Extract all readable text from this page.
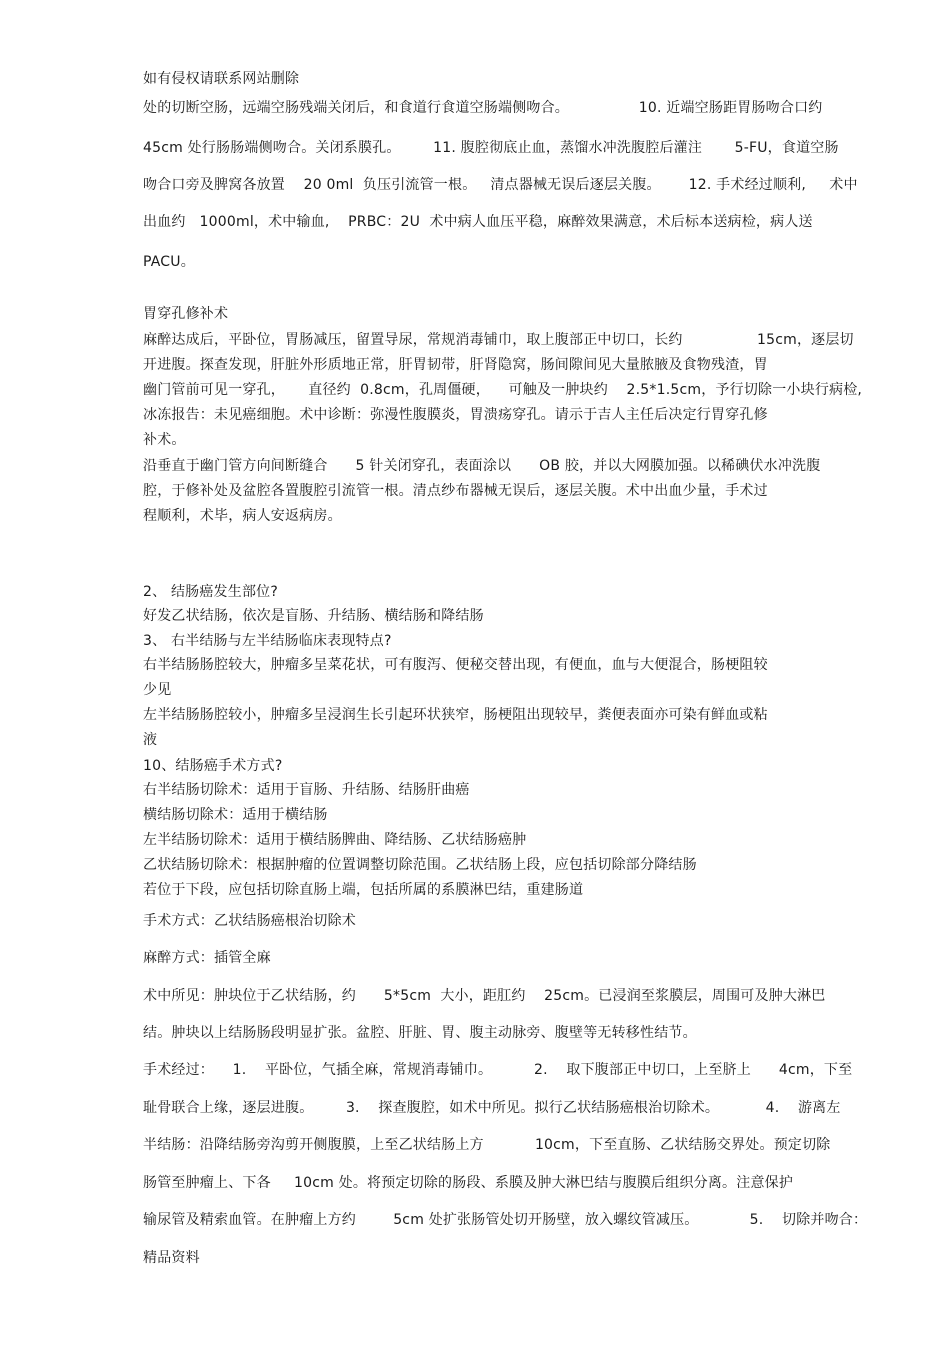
如有侵权请联系网站删除
处的切断空肠，远端空肠残端关闭后，和食道行食道空肠端侧吻合。               10. 近端空肠距胃肠吻合口约
45cm 处行肠肠端侧吻合。关闭系膜孔。       11. 腹腔彻底止血，蒸馏水冲洗腹腔后灌注       5-FU，食道空肠
吻合口旁及脾窝各放置    20 0ml  负压引流管一根。   清点器械无误后逐层关腹。      12. 手术经过顺利,     术中
出血约   1000ml，术中输血,    PRBC：2U  术中病人血压平稳，麻醉效果满意，术后标本送病检，病人送
PACU。
胃穿孔修补术
麻醉达成后，平卧位，胃肠减压，留置导尿，常规消毒铺巾，取上腹部正中切口，长约                15cm，逐层切
开进腹。探查发现，肝脏外形质地正常，肝胃韧带，肝肾隐窝，肠间隙间见大量脓腋及食物残渣，胃
幽门管前可见一穿孔，     直径约  0.8cm，孔周僵硬，    可触及一肿块约    2.5*1.5cm，予行切除一小块行病检,
冰冻报告：未见癌细胞。术中诊断：弥漫性腹膜炎，胃溃疡穿孔。请示于吉人主任后决定行胃穿孔修
补术。
沿垂直于幽门管方向间断缝合      5 针关闭穿孔，表面涂以      OB 胶，并以大网膜加强。以稀碘伏水冲洗腹
腔，于修补处及盆腔各置腹腔引流管一根。清点纱布器械无误后，逐层关腹。术中出血少量，手术过
程顺利，术毕，病人安返病房。
2、 结肠癌发生部位?
好发乙状结肠，依次是盲肠、升结肠、横结肠和降结肠
3、 右半结肠与左半结肠临床表现特点?
右半结肠肠腔较大，肿瘤多呈菜花状，可有腹泻、便秘交替出现，有便血，血与大便混合，肠梗阻较
少见
左半结肠肠腔较小，肿瘤多呈浸润生长引起环状狭窄，肠梗阻出现较早，粪便表面亦可染有鲜血或粘
液
10、结肠癌手术方式?
右半结肠切除术：适用于盲肠、升结肠、结肠肝曲癌
横结肠切除术：适用于横结肠
左半结肠切除术：适用于横结肠脾曲、降结肠、乙状结肠癌肿
乙状结肠切除术：根据肿瘤的位置调整切除范围。乙状结肠上段，应包括切除部分降结肠
若位于下段，应包括切除直肠上端，包括所属的系膜淋巴结，重建肠道
手术方式：乙状结肠癌根治切除术
麻醉方式：插管全麻
术中所见：肿块位于乙状结肠，约      5*5cm  大小，距肛约    25cm。已浸润至浆膜层，周围可及肿大淋巴
结。肿块以上结肠肠段明显扩张。盆腔、肝脏、胃、腹主动脉旁、腹壁等无转移性结节。
手术经过：    1.    平卧位，气插全麻，常规消毒铺巾。         2.    取下腹部正中切口，上至脐上      4cm，下至
耻骨联合上缘，逐层进腹。       3.    探查腹腔，如术中所见。拟行乙状结肠癌根治切除术。          4.    游离左
半结肠：沿降结肠旁沟剪开侧腹膜，上至乙状结肠上方           10cm，下至直肠、乙状结肠交界处。预定切除
肠管至肿瘤上、下各     10cm 处。将预定切除的肠段、系膜及肿大淋巴结与腹膜后组织分离。注意保护
输尿管及精索血管。在肿瘤上方约        5cm 处扩张肠管处切开肠壁，放入螺纹管减压。           5.    切除并吻合：
精品资料
